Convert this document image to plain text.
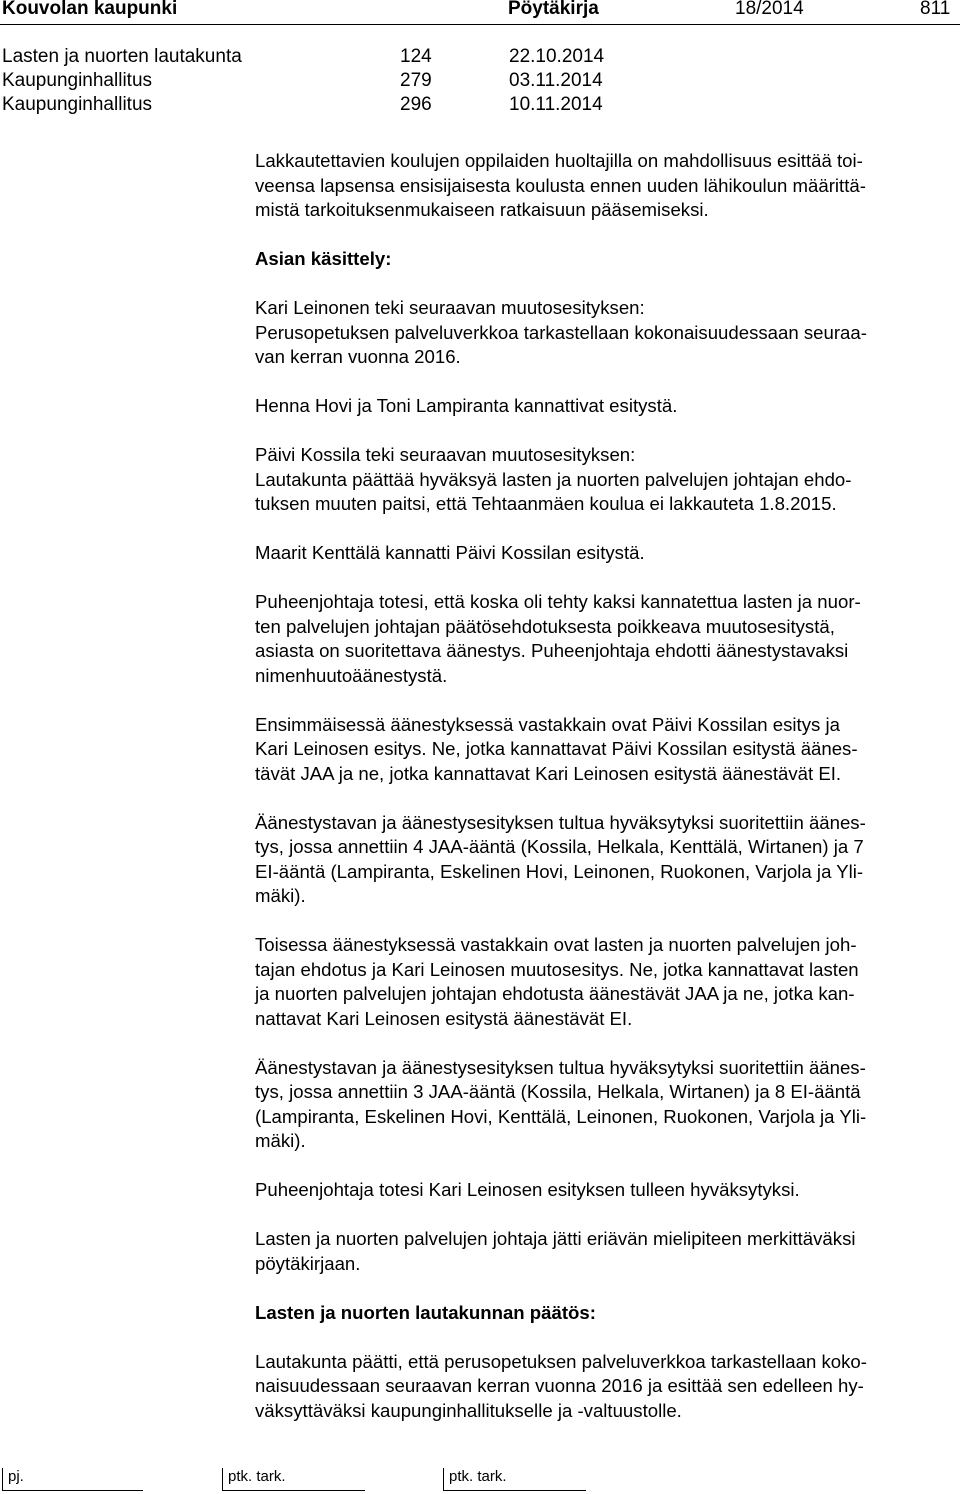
Kouvolan kaupunki	Pöytäkirja	18/2014	811
Lasten ja nuorten lautakunta	124	22.10.2014
Kaupunginhallitus	279	03.11.2014
Kaupunginhallitus	296	10.11.2014

Lakkautettavien koulujen oppilaiden huoltajilla on mahdollisuus esittää toi-
veensa lapsensa ensisijaisesta koulusta ennen uuden lähikoulun määrittä-
mistä tarkoituksenmukaiseen ratkaisuun pääsemiseksi.

Asian käsittely:

Kari Leinonen teki seuraavan muutosesityksen:
Perusopetuksen palveluverkkoa tarkastellaan kokonaisuudessaan seuraa-
van kerran vuonna 2016.

Henna Hovi ja Toni Lampiranta kannattivat esitystä.

Päivi Kossila teki seuraavan muutosesityksen:
Lautakunta päättää hyväksyä lasten ja nuorten palvelujen johtajan ehdo-
tuksen muuten paitsi, että Tehtaanmäen koulua ei lakkauteta 1.8.2015.

Maarit Kenttälä kannatti Päivi Kossilan esitystä.

Puheenjohtaja totesi, että koska oli tehty kaksi kannatettua lasten ja nuor-
ten palvelujen johtajan päätösehdotuksesta poikkeava muutosesitystä,
asiasta on suoritettava äänestys. Puheenjohtaja ehdotti äänestystavaksi
nimenhuutoäänestystä.

Ensimmäisessä äänestyksessä vastakkain ovat Päivi Kossilan esitys ja
Kari Leinosen esitys. Ne, jotka kannattavat Päivi Kossilan esitystä äänes-
tävät JAA ja ne, jotka kannattavat Kari Leinosen esitystä äänestävät EI.

Äänestystavan ja äänestysesityksen tultua hyväksytyksi suoritettiin äänes-
tys, jossa annettiin 4 JAA-ääntä (Kossila, Helkala, Kenttälä, Wirtanen) ja 7
EI-ääntä (Lampiranta, Eskelinen Hovi, Leinonen, Ruokonen, Varjola ja Yli-
mäki).

Toisessa äänestyksessä vastakkain ovat lasten ja nuorten palvelujen joh-
tajan ehdotus ja Kari Leinosen muutosesitys. Ne, jotka kannattavat lasten
ja nuorten palvelujen johtajan ehdotusta äänestävät JAA ja ne, jotka kan-
nattavat Kari Leinosen esitystä äänestävät EI.

Äänestystavan ja äänestysesityksen tultua hyväksytyksi suoritettiin äänes-
tys, jossa annettiin 3 JAA-ääntä (Kossila, Helkala, Wirtanen) ja 8 EI-ääntä
(Lampiranta, Eskelinen Hovi, Kenttälä, Leinonen, Ruokonen, Varjola ja Yli-
mäki).

Puheenjohtaja totesi Kari Leinosen esityksen tulleen hyväksytyksi.

Lasten ja nuorten palvelujen johtaja jätti eriävän mielipiteen merkittäväksi
pöytäkirjaan.

Lasten ja nuorten lautakunnan päätös:

Lautakunta päätti, että perusopetuksen palveluverkkoa tarkastellaan koko-
naisuudessaan seuraavan kerran vuonna 2016 ja esittää sen edelleen hy-
väksyttäväksi kaupunginhallitukselle ja -valtuustolle.

pj.	ptk. tark.	ptk. tark.
